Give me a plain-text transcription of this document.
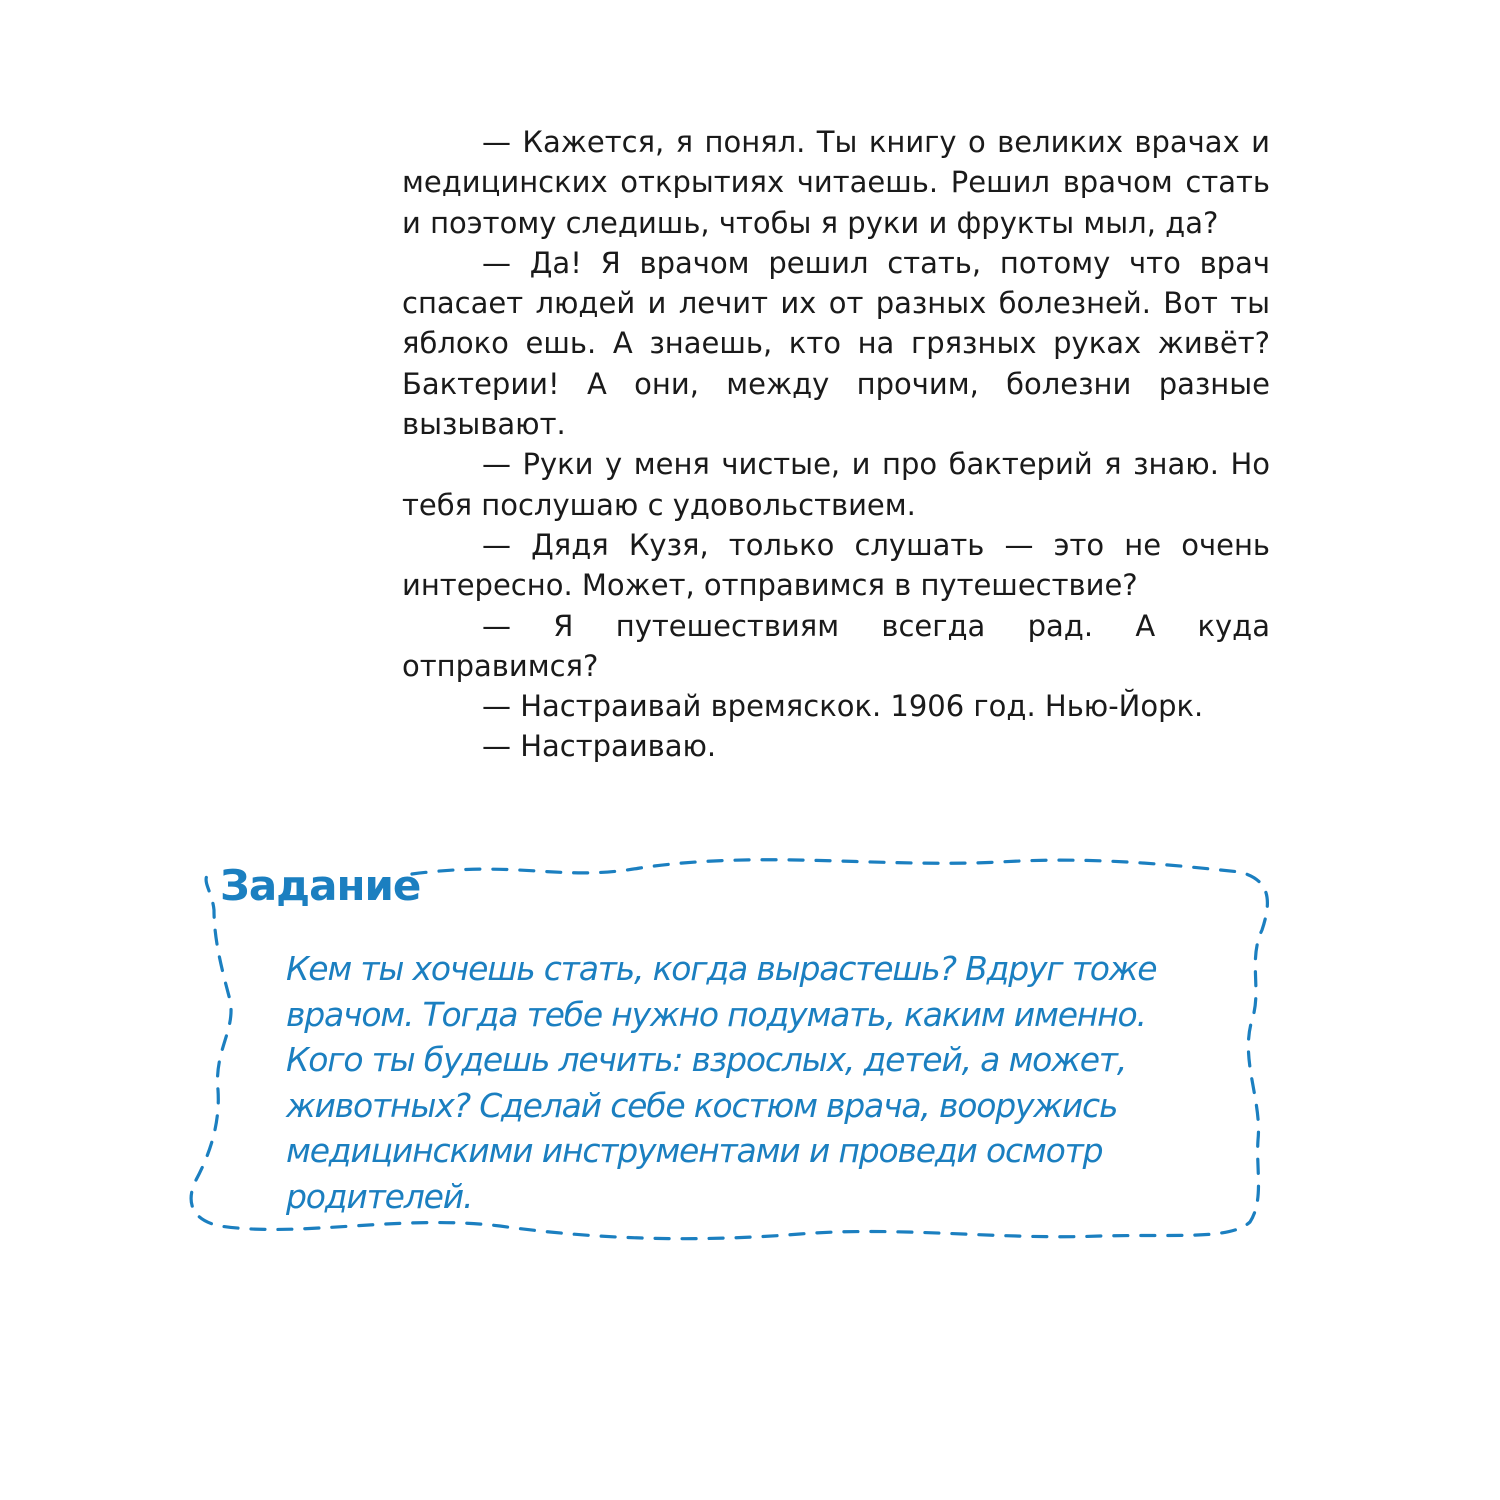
— Кажется, я понял. Ты книгу о великих врачах и медицинских открытиях читаешь. Решил врачом стать и поэтому следишь, чтобы я руки и фрукты мыл, да?

— Да! Я врачом решил стать, потому что врач спасает людей и лечит их от разных болезней. Вот ты яблоко ешь. А знаешь, кто на грязных руках живёт? Бактерии! А они, между прочим, болезни разные вызывают.

— Руки у меня чистые, и про бактерий я знаю. Но тебя послушаю с удовольствием.

— Дядя Кузя, только слушать — это не очень интересно. Может, отправимся в путешествие?

— Я путешествиям всегда рад. А куда отправимся?

— Настраивай времяскок. 1906 год. Нью-Йорк.

— Настраиваю.

Задание

Кем ты хочешь стать, когда вырастешь? Вдруг тоже врачом. Тогда тебе нужно подумать, каким именно. Кого ты будешь лечить: взрослых, детей, а может, животных? Сделай себе костюм врача, вооружись медицинскими инструментами и проведи осмотр родителей.
